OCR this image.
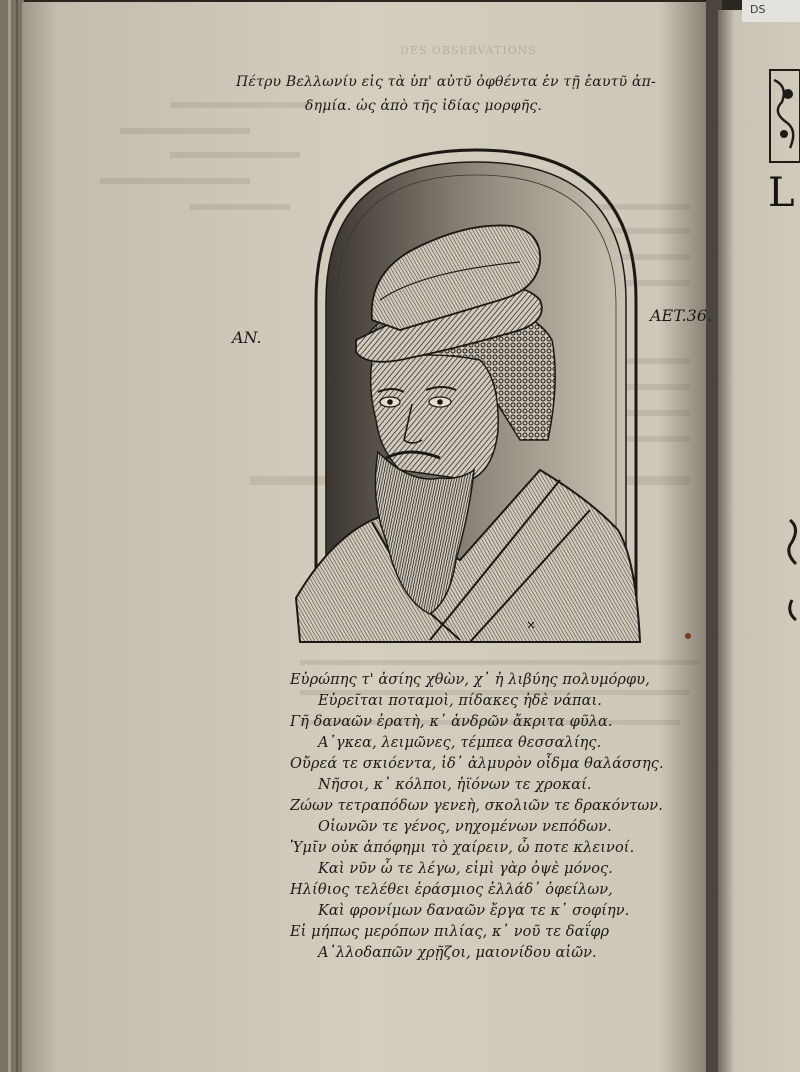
DS

DES OBSERVATIONS.

Πέτρυ Βελλωνίυ εἰς τὰ ὑπ' αὐτῦ ὀφθέντα ἐν τῇ ἑαυτῦ ἀπ-

δημία. ὡς ἀπὸ τῆς ἰδίας μορφῆς.

AN.

AET.36.

L

Εὐρώπης τ' ἀσίης χθὼν, χ᾽ ἡ λιβύης πολυμόρφυ,

Εὐρεῖται ποταμοὶ, πίδακες ἠδὲ νάπαι.

Γῆ δαναῶν ἐρατὴ, κ᾽ ἀνδρῶν ἄκριτα φῦλα.

Α᾽γκεα, λειμῶνες, τέμπεα θεσσαλίης.

Οὔρεά τε σκιόεντα, ἰδ᾽ ἀλμυρὸν οἶδμα θαλάσσης.

Νῆσοι, κ᾽ κόλποι, ἠϊόνων τε χροκαί.

Ζώων τετραπόδων γενεὴ, σκολιῶν τε δρακόντων.

Οἰωνῶν τε γένος, νηχομένων νεπόδων.

Ὑμῖν οὐκ ἀπόφημι τὸ χαίρειν, ὦ ποτε κλεινοί.

Καὶ νῦν ὦ τε λέγω, εἰμὶ γὰρ ὀψὲ μόνος.

Ηλίθιος τελέθει ἐράσμιος ἑλλάδ᾽ ὀφείλων,

Καὶ φρονίμων δαναῶν ἔργα τε κ᾽ σοφίην.

Εἰ μήπως μερόπων πιλίας, κ᾽ νοῦ τε δαΐφρ

Α᾽λλοδαπῶν χρῇζοι, μαιονίδου αἰῶν.
